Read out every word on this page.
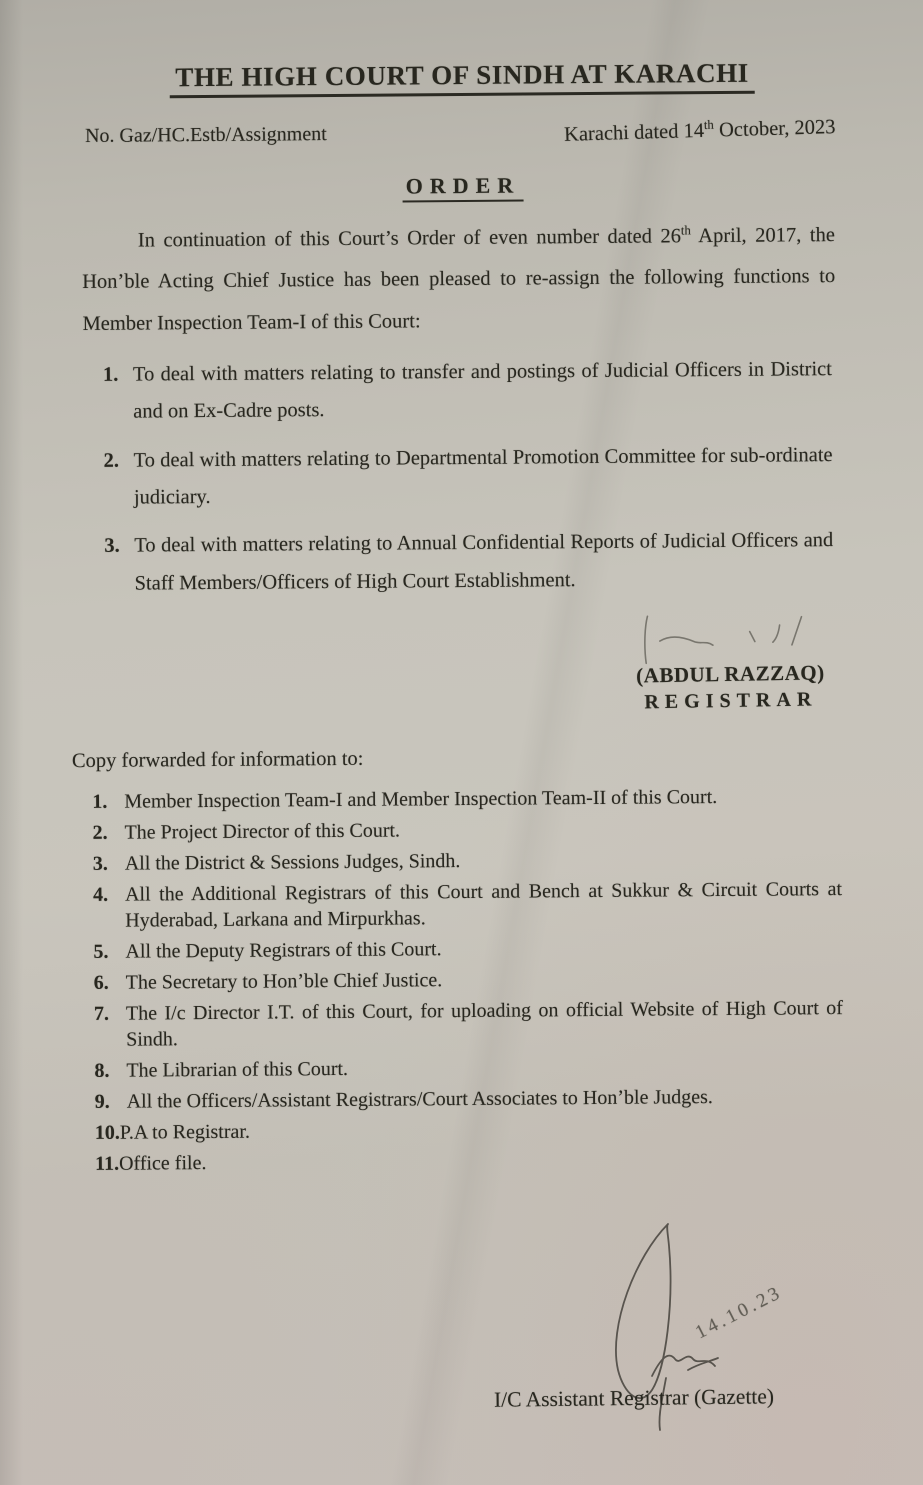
THE HIGH COURT OF SINDH AT KARACHI
No. Gaz/HC.Estb/Assignment	Karachi dated 14th October, 2023
ORDER

In continuation of this Court’s Order of even number dated 26th April, 2017, the Hon’ble Acting Chief Justice has been pleased to re-assign the following functions to Member Inspection Team-I of this Court:

1. To deal with matters relating to transfer and postings of Judicial Officers in District and on Ex-Cadre posts.
2. To deal with matters relating to Departmental Promotion Committee for sub-ordinate judiciary.
3. To deal with matters relating to Annual Confidential Reports of Judicial Officers and Staff Members/Officers of High Court Establishment.
(ABDUL RAZZAQ)
REGISTRAR
Copy forwarded for information to:
1. Member Inspection Team-I and Member Inspection Team-II of this Court.
2. The Project Director of this Court.
3. All the District & Sessions Judges, Sindh.
4. All the Additional Registrars of this Court and Bench at Sukkur & Circuit Courts at Hyderabad, Larkana and Mirpurkhas.
5. All the Deputy Registrars of this Court.
6. The Secretary to Hon’ble Chief Justice.
7. The I/c Director I.T. of this Court, for uploading on official Website of High Court of Sindh.
8. The Librarian of this Court.
9. All the Officers/Assistant Registrars/Court Associates to Hon’ble Judges.
10. P.A to Registrar.
11. Office file.
14.10.23
I/C Assistant Registrar (Gazette)
